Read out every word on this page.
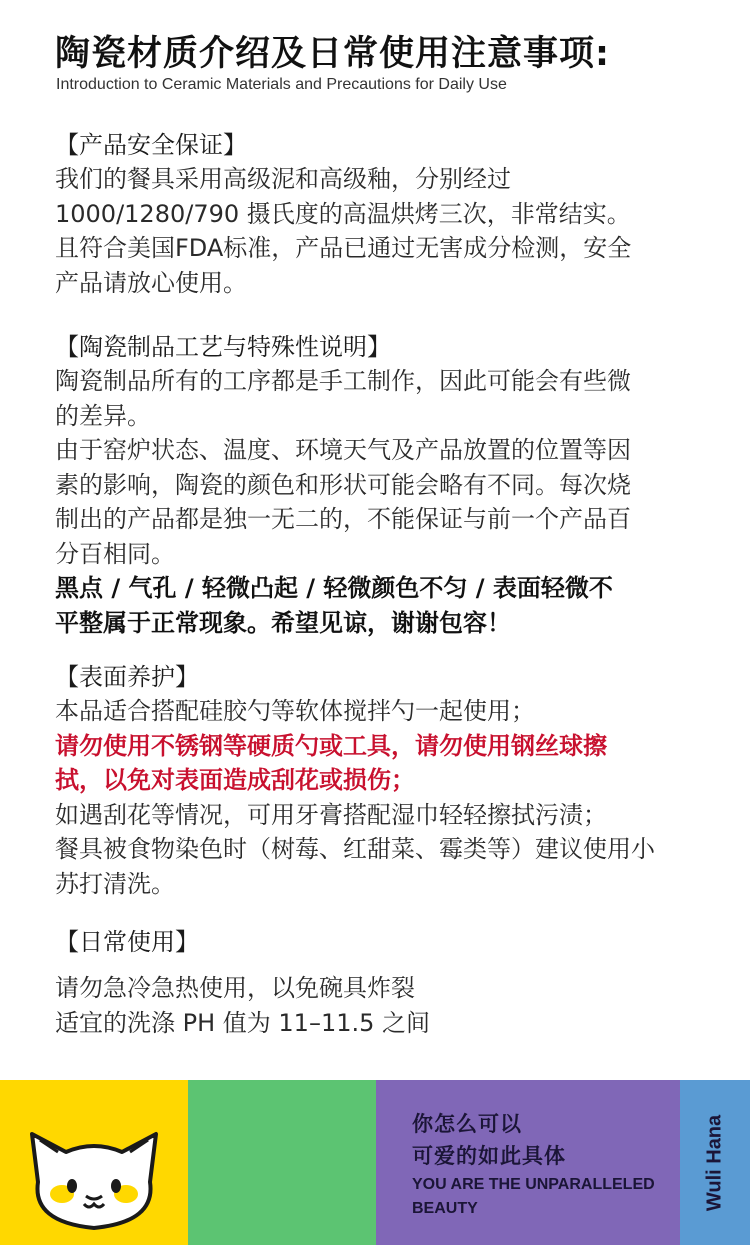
陶瓷材质介绍及日常使用注意事项:
Introduction to Ceramic Materials and Precautions for Daily Use
【产品安全保证】
我们的餐具采用高级泥和高级釉，分别经过
1000/1280/790 摄氏度的高温烘烤三次，非常结实。
且符合美国FDA标准，产品已通过无害成分检测，安全
产品请放心使用。
【陶瓷制品工艺与特殊性说明】
陶瓷制品所有的工序都是手工制作，因此可能会有些微
的差异。
由于窑炉状态、温度、环境天气及产品放置的位置等因
素的影响，陶瓷的颜色和形状可能会略有不同。每次烧
制出的产品都是独一无二的，不能保证与前一个产品百
分百相同。
黑点 / 气孔 / 轻微凸起 / 轻微颜色不匀 / 表面轻微不
平整属于正常现象。希望见谅，谢谢包容！
【表面养护】
本品适合搭配硅胶勺等软体搅拌勺一起使用；
请勿使用不锈钢等硬质勺或工具，请勿使用钢丝球擦
拭，以免对表面造成刮花或损伤；
如遇刮花等情况，可用牙膏搭配湿巾轻轻擦拭污渍；
餐具被食物染色时（树莓、红甜菜、霉类等）建议使用小
苏打清洗。
【日常使用】
请勿急冷急热使用，以免碗具炸裂
适宜的洗涤 PH 值为 11–11.5 之间
你怎么可以
可爱的如此具体
YOU ARE THE UNPARALLELED
BEAUTY	Wuli Hana
